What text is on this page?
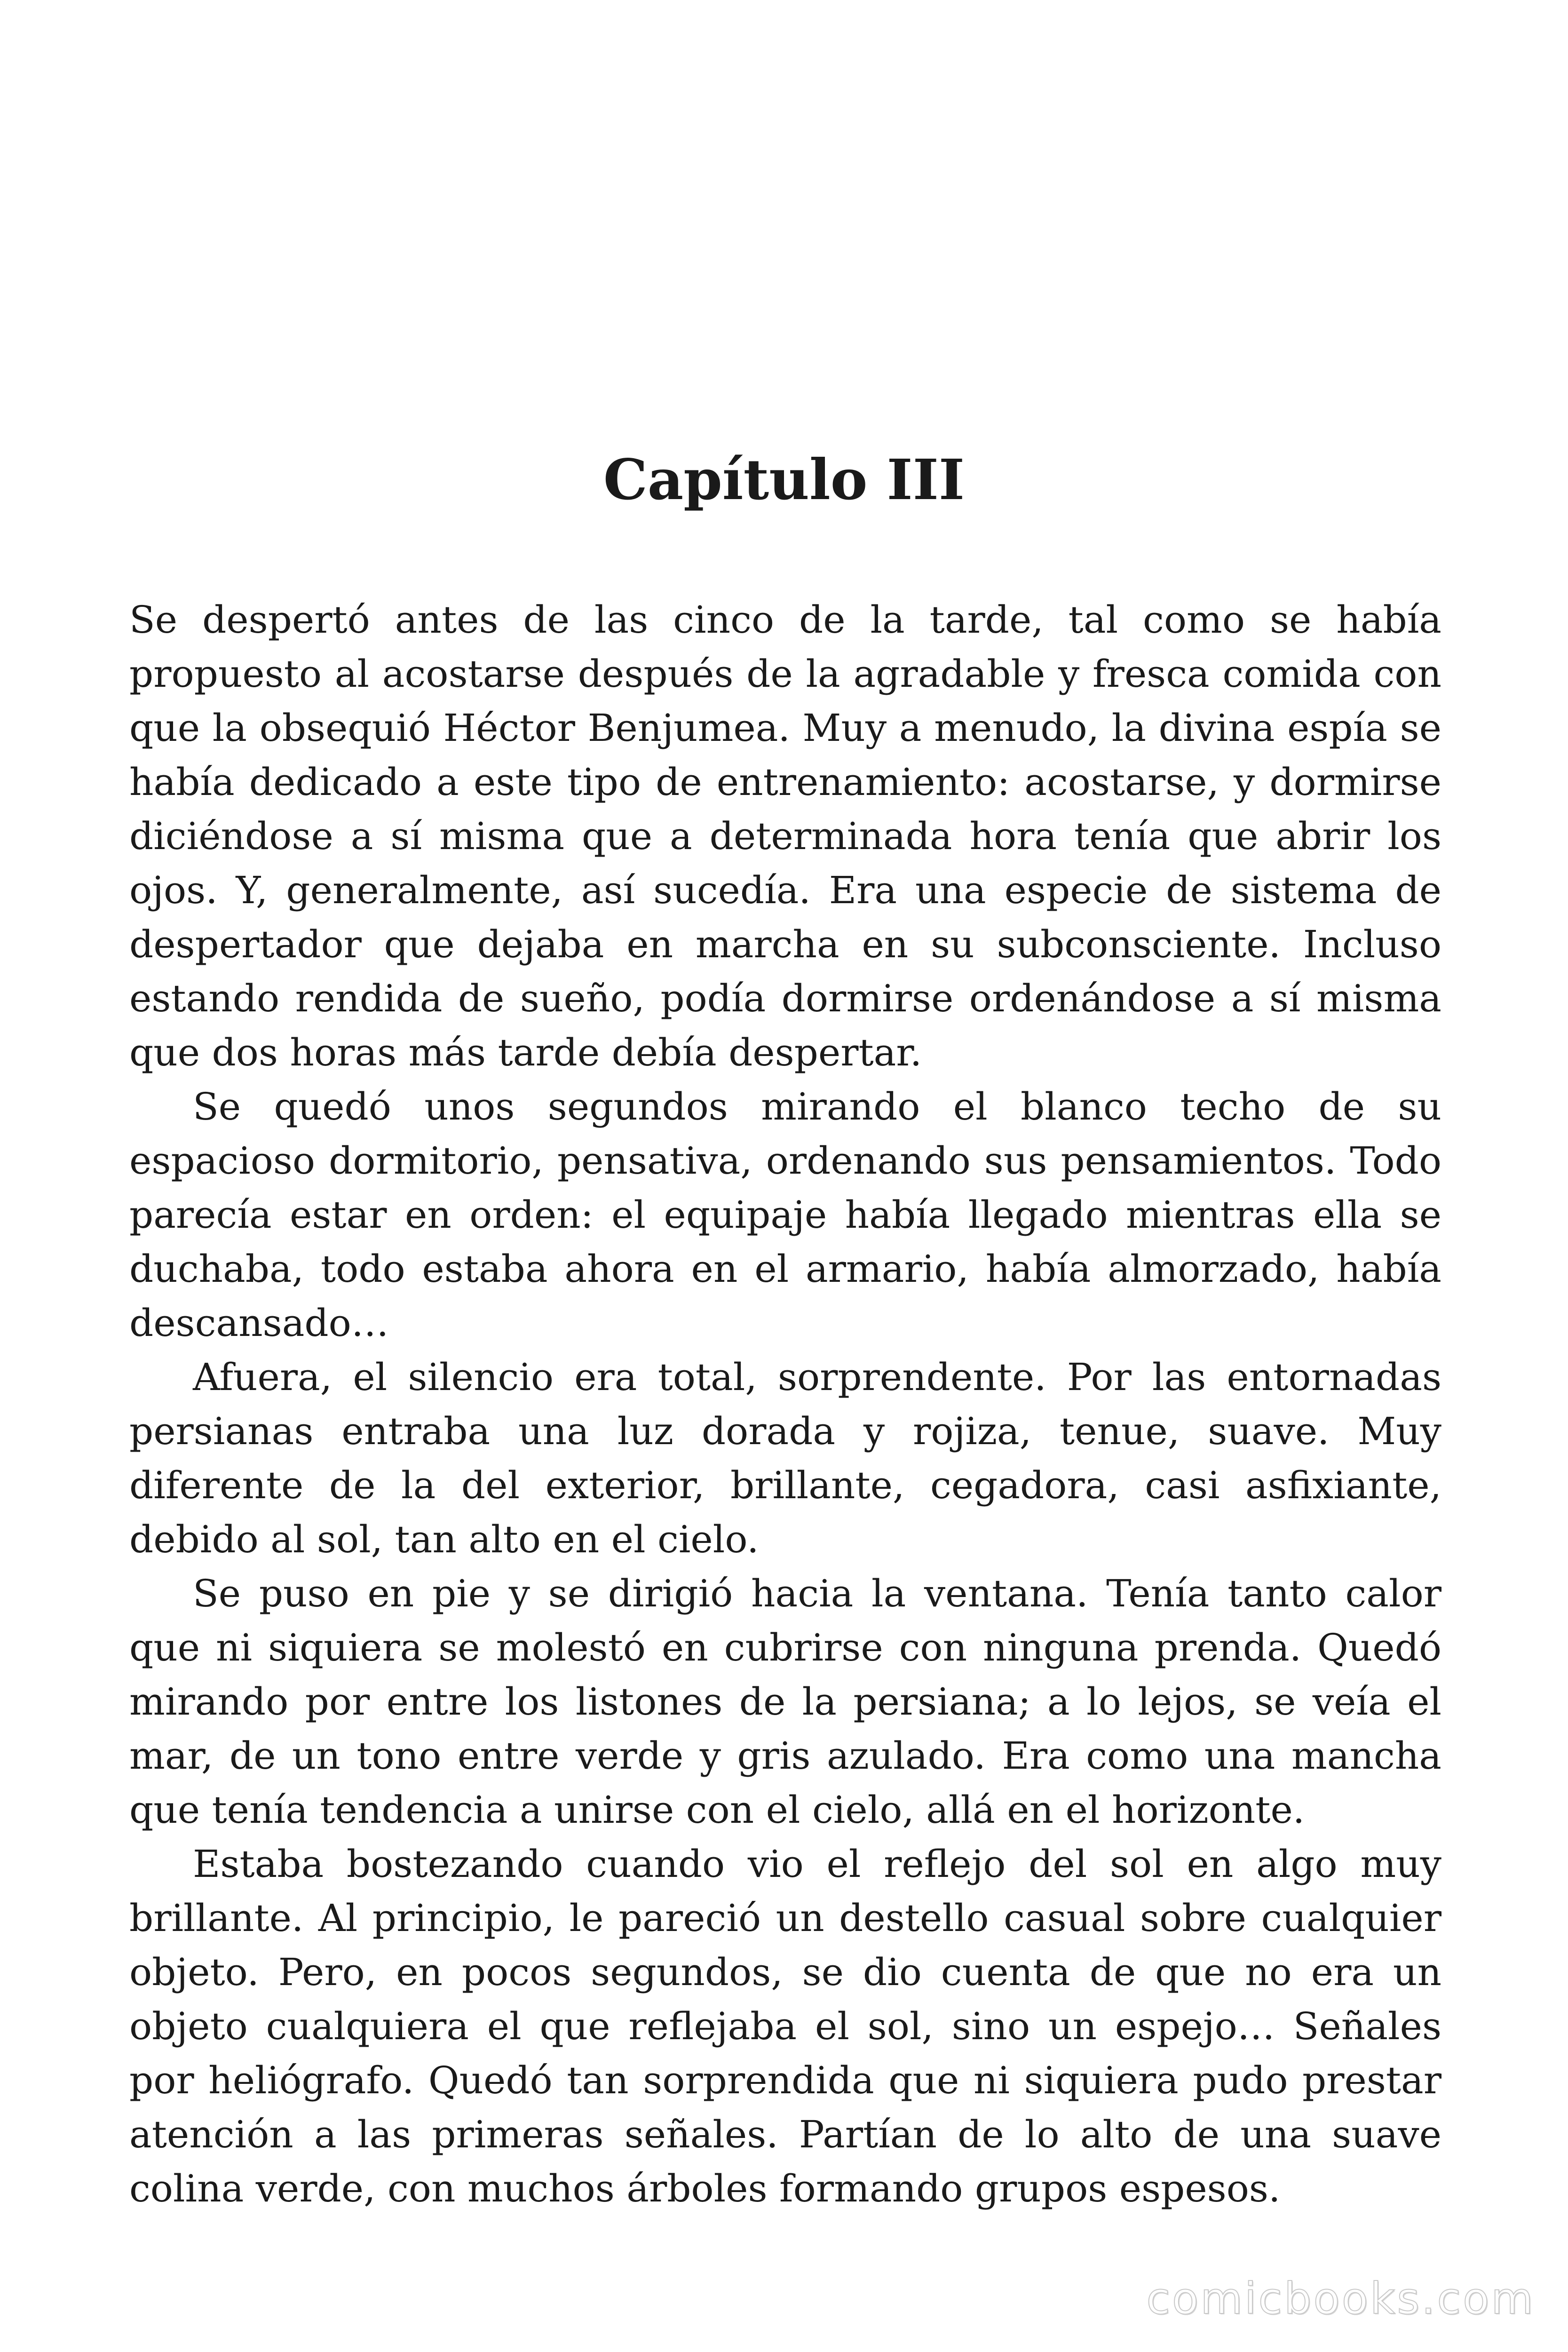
Capítulo III

Se despertó antes de las cinco de la tarde, tal como se había propuesto al acostarse después de la agradable y fresca comida con que la obsequió Héctor Benjumea. Muy a menudo, la divina espía se había dedicado a este tipo de entrenamiento: acostarse, y dormirse diciéndose a sí misma que a determinada hora tenía que abrir los ojos. Y, generalmente, así sucedía. Era una especie de sistema de despertador que dejaba en marcha en su subconsciente. Incluso estando rendida de sueño, podía dormirse ordenándose a sí misma que dos horas más tarde debía despertar.

Se quedó unos segundos mirando el blanco techo de su espacioso dormitorio, pensativa, ordenando sus pensamientos. Todo parecía estar en orden: el equipaje había llegado mientras ella se duchaba, todo estaba ahora en el armario, había almorzado, había descansado…

Afuera, el silencio era total, sorprendente. Por las entornadas persianas entraba una luz dorada y rojiza, tenue, suave. Muy diferente de la del exterior, brillante, cegadora, casi asfixiante, debido al sol, tan alto en el cielo.

Se puso en pie y se dirigió hacia la ventana. Tenía tanto calor que ni siquiera se molestó en cubrirse con ninguna prenda. Quedó mirando por entre los listones de la persiana; a lo lejos, se veía el mar, de un tono entre verde y gris azulado. Era como una mancha que tenía tendencia a unirse con el cielo, allá en el horizonte.

Estaba bostezando cuando vio el reflejo del sol en algo muy brillante. Al principio, le pareció un destello casual sobre cualquier objeto. Pero, en pocos segundos, se dio cuenta de que no era un objeto cualquiera el que reflejaba el sol, sino un espejo… Señales por heliógrafo. Quedó tan sorprendida que ni siquiera pudo prestar atención a las primeras señales. Partían de lo alto de una suave colina verde, con muchos árboles formando grupos espesos.

comicbooks.com
